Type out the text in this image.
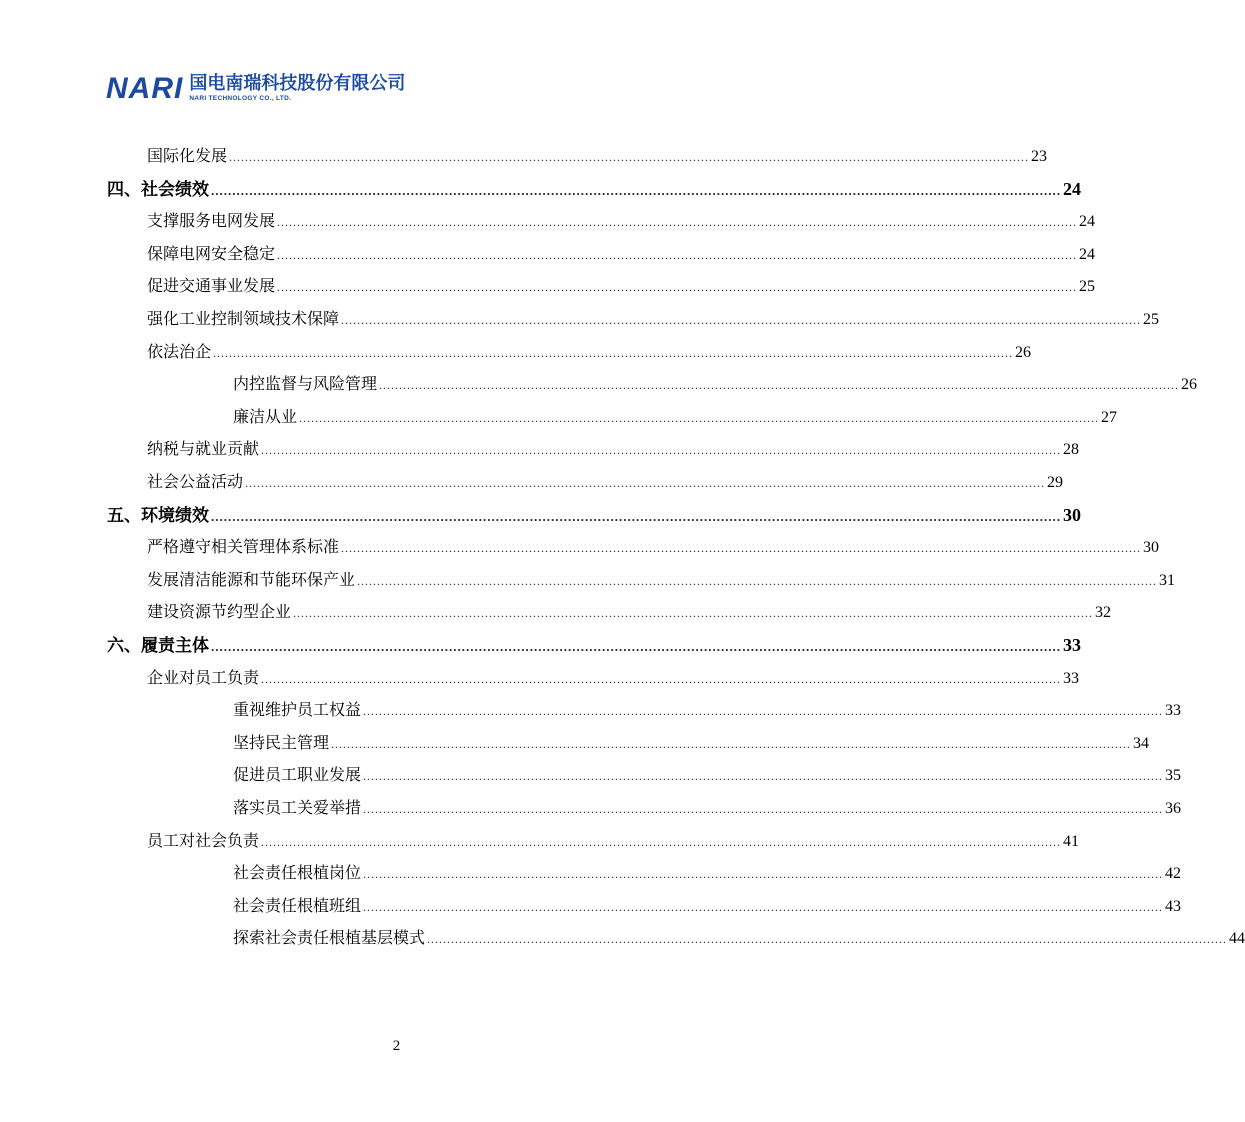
NARI 国电南瑞科技股份有限公司
NARI TECHNOLOGY CO., LTD.
国际化发展 ........................................................................................................................................................................................................ 23
四、社会绩效 ........................................................................................................................................................................................................ 24
支撑服务电网发展 ........................................................................................................................................................................................................ 24
保障电网安全稳定 ........................................................................................................................................................................................................ 24
促进交通事业发展 ........................................................................................................................................................................................................ 25
强化工业控制领域技术保障 ........................................................................................................................................................................................................ 25
依法治企 ........................................................................................................................................................................................................ 26
内控监督与风险管理 ........................................................................................................................................................................................................ 26
廉洁从业 ........................................................................................................................................................................................................ 27
纳税与就业贡献 ........................................................................................................................................................................................................ 28
社会公益活动 ........................................................................................................................................................................................................ 29
五、环境绩效 ........................................................................................................................................................................................................ 30
严格遵守相关管理体系标准 ........................................................................................................................................................................................................ 30
发展清洁能源和节能环保产业 ........................................................................................................................................................................................................ 31
建设资源节约型企业 ........................................................................................................................................................................................................ 32
六、履责主体 ........................................................................................................................................................................................................ 33
企业对员工负责 ........................................................................................................................................................................................................ 33
重视维护员工权益 ........................................................................................................................................................................................................ 33
坚持民主管理 ........................................................................................................................................................................................................ 34
促进员工职业发展 ........................................................................................................................................................................................................ 35
落实员工关爱举措 ........................................................................................................................................................................................................ 36
员工对社会负责 ........................................................................................................................................................................................................ 41
社会责任根植岗位 ........................................................................................................................................................................................................ 42
社会责任根植班组 ........................................................................................................................................................................................................ 43
探索社会责任根植基层模式 ........................................................................................................................................................................................................ 44
2
